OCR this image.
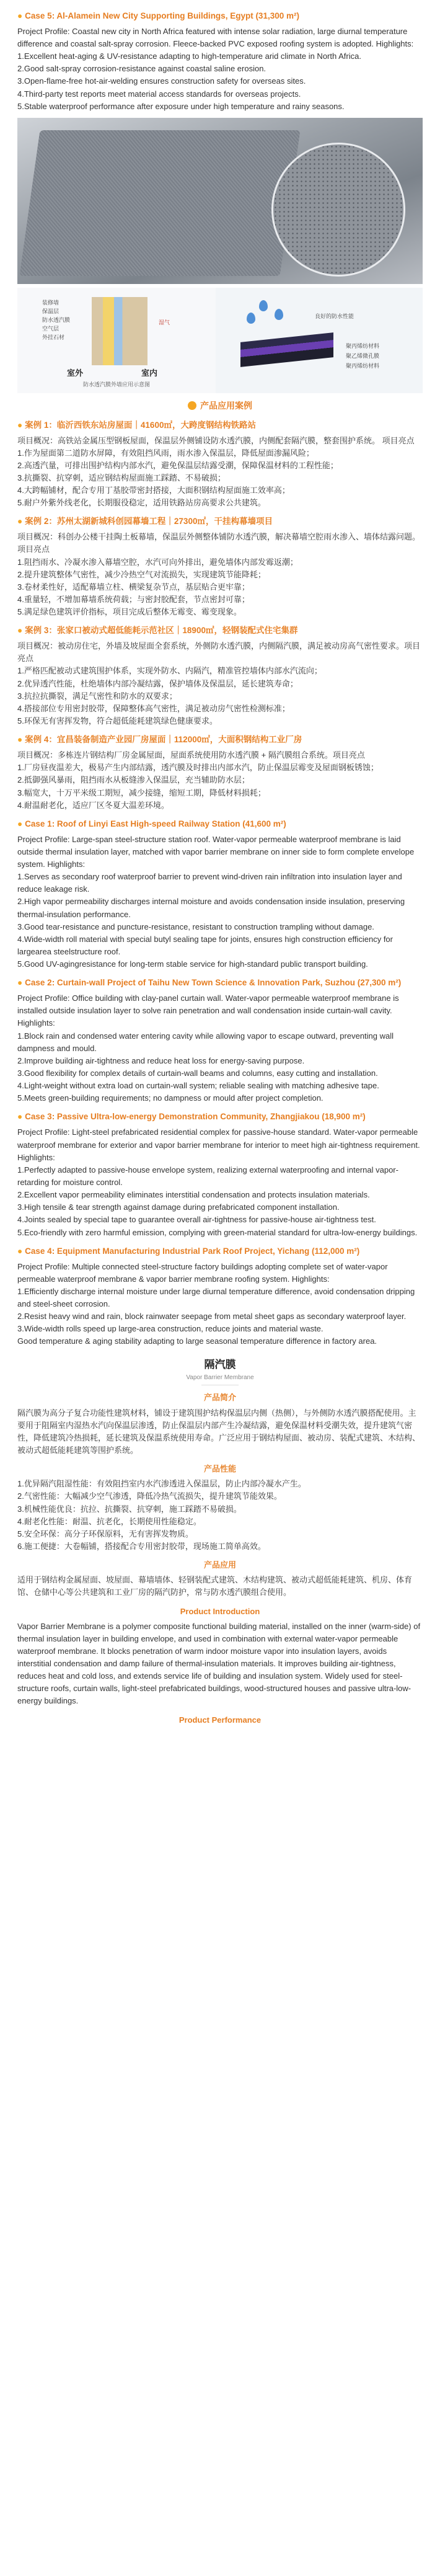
● Case 5: Al-Alamein New City Supporting Buildings, Egypt (31,300 m²)

Project Profile: Coastal new city in North Africa featured with intense solar radiation, large diurnal temperature difference and coastal salt-spray corrosion. Fleece-backed PVC exposed roofing system is adopted. Highlights:

1.Excellent heat-aging & UV-resistance adapting to high-temperature arid climate in North Africa.

2.Good salt-spray corrosion-resistance against coastal saline erosion.

3.Open-flame-free hot-air-welding ensures construction safety for overseas sites.

4.Third-party test reports meet material access standards for overseas projects.

5.Stable waterproof performance after exposure under high temperature and rainy seasons.

装修墙
保温层
防水透汽膜
空气层
外挂石材
湿气
室外	室内
防水透汽膜外墙应用示意图
良好的防水性能
聚丙烯纺材料
聚乙烯微孔膜
聚丙烯纺材料
产品应用案例
● 案例 1：临沂西铁东站房屋面｜41600㎡，大跨度钢结构铁路站

项目概况：高铁站金属压型钢板屋面，保温层外侧铺设防水透汽膜，内侧配套隔汽膜，整套围护系统。 项目亮点

1.作为屋面第二道防水屏障，有效阻挡风雨，雨水渗入保温层，降低屋面渗漏风险；

2.高透汽量，可排出围护结构内部水汽，避免保温层结露受潮，保障保温材料的工程性能；

3.抗撕裂、抗穿刺，适应钢结构屋面施工踩踏、不易破损；

4.大跨幅铺材，配合专用丁基胶带密封搭接，大面积钢结构屋面施工效率高；

5.耐户外紫外线老化，长期服役稳定，适用铁路站房高要求公共建筑。

● 案例 2：苏州太湖新城科创园幕墙工程｜27300㎡，干挂构幕墙项目

项目概况：科创办公楼干挂陶土板幕墙，保温层外侧整体铺防水透汽膜，解决幕墙空腔雨水渗入、墙体结露问题。 项目亮点

1.阻挡雨水、冷凝水渗入幕墙空腔，水汽可向外排出，避免墙体内部发霉返潮；

2.提升建筑整体气密性，减少冷热空气对流损失，实现建筑节能降耗；

3.卷材柔性好，适配幕墙立柱、横梁复杂节点，基层贴合更牢靠；

4.重量轻，不增加幕墙系统荷载；与密封胶配套，节点密封可靠；

5.满足绿色建筑评价指标，项目完成后整体无霉变、霉变现象。

● 案例 3：张家口被动式超低能耗示范社区｜18900㎡，轻钢装配式住宅集群

项目概况：被动房住宅，外墙及坡屋面全套系统，外侧防水透汽膜，内侧隔汽膜，满足被动房高气密性要求。项目亮点

1.严格匹配被动式建筑围护体系，实现外防水、内隔汽，精准管控墙体内部水汽流向；

2.优异透汽性能，杜绝墙体内部冷凝结露，保护墙体及保温层，延长建筑寿命；

3.抗拉抗撕裂，满足气密性和防水的双要求；

4.搭接部位专用密封胶带，保障整体高气密性，满足被动房气密性检测标准；

5.环保无有害挥发物，符合超低能耗建筑绿色健康要求。

● 案例 4：宜昌装备制造产业园厂房屋面｜112000㎡，大面积钢结构工业厂房

项目概况：多栋连片钢结构厂房金属屋面，屋面系统使用防水透汽膜 + 隔汽膜组合系统。项目亮点

1.厂房昼夜温差大，极易产生内部结露，透汽膜及时排出内部水汽，防止保温层霉变及屋面钢板锈蚀；

2.抵御强风暴雨，阻挡雨水从板缝渗入保温层，充当辅助防水层；

3.幅宽大，十万平米级工期短，减少接缝，缩短工期，降低材料损耗；

4.耐温耐老化，适应厂区冬夏大温差环境。

● Case 1: Roof of Linyi East High-speed Railway Station (41,600 m²)

Project Profile: Large-span steel-structure station roof. Water-vapor permeable waterproof membrane is laid outside thermal insulation layer, matched with vapor barrier membrane on inner side to form complete envelope system. Highlights:

1.Serves as secondary roof waterproof barrier to prevent wind-driven rain infiltration into insulation layer and reduce leakage risk.

2.High vapor permeability discharges internal moisture and avoids condensation inside insulation, preserving thermal-insulation performance.

3.Good tear-resistance and puncture-resistance, resistant to construction trampling without damage.

4.Wide-width roll material with special butyl sealing tape for joints, ensures high construction efficiency for largearea steelstructure roof.

5.Good UV-agingresistance for long-term stable service for high-standard public transport building.

● Case 2: Curtain-wall Project of Taihu New Town Science & Innovation Park, Suzhou (27,300 m²)

Project Profile: Office building with clay-panel curtain wall. Water-vapor permeable waterproof membrane is installed outside insulation layer to solve rain penetration and wall condensation inside curtain-wall cavity. Highlights:

1.Block rain and condensed water entering cavity while allowing vapor to escape outward, preventing wall dampness and mould.

2.Improve building air-tightness and reduce heat loss for energy-saving purpose.

3.Good flexibility for complex details of curtain-wall beams and columns, easy cutting and installation.

4.Light-weight without extra load on curtain-wall system; reliable sealing with matching adhesive tape.

5.Meets green-building requirements; no dampness or mould after project completion.

● Case 3: Passive Ultra-low-energy Demonstration Community, Zhangjiakou (18,900 m²)

Project Profile: Light-steel prefabricated residential complex for passive-house standard. Water-vapor permeable waterproof membrane for exterior and vapor barrier membrane for interior to meet high air-tightness requirement. Highlights:

1.Perfectly adapted to passive-house envelope system, realizing external waterproofing and internal vapor-retarding for moisture control.

2.Excellent vapor permeability eliminates interstitial condensation and protects insulation materials.

3.High tensile & tear strength against damage during prefabricated component installation.

4.Joints sealed by special tape to guarantee overall air-tightness for passive-house air-tightness test.

5.Eco-friendly with zero harmful emission, complying with green-material standard for ultra-low-energy buildings.

● Case 4: Equipment Manufacturing Industrial Park Roof Project, Yichang (112,000 m²)

Project Profile: Multiple connected steel-structure factory buildings adopting complete set of water-vapor permeable waterproof membrane & vapor barrier membrane roofing system. Highlights:

1.Efficiently discharge internal moisture under large diurnal temperature difference, avoid condensation dripping and steel-sheet corrosion.

2.Resist heavy wind and rain, block rainwater seepage from metal sheet gaps as secondary waterproof layer.

3.Wide-width rolls speed up large-area construction, reduce joints and material waste.

Good temperature & aging stability adapting to large seasonal temperature difference in factory area.

隔汽膜
Vapor Barrier Membrane
产品简介

隔汽膜为高分子复合功能性建筑材料，铺设于建筑围护结构保温层内侧（热侧），与外侧防水透汽膜搭配使用。主要用于阻隔室内湿热水汽向保温层渗透，防止保温层内部产生冷凝结露，避免保温材料受潮失效，提升建筑气密性，降低建筑冷热损耗，延长建筑及保温系统使用寿命。广泛应用于钢结构屋面、被动房、装配式建筑、木结构、被动式超低能耗建筑等围护系统。

产品性能

1.优异隔汽阻湿性能：有效阻挡室内水汽渗透进入保温层，防止内部冷凝水产生。

2.气密性能：大幅减少空气渗透，降低冷热气流损失，提升建筑节能效果。

3.机械性能优良：抗拉、抗撕裂、抗穿刺，施工踩踏不易破损。

4.耐老化性能：耐温、抗老化，长期使用性能稳定。

5.安全环保：高分子环保原料，无有害挥发物质。

6.施工便捷：大卷幅铺，搭接配合专用密封胶带，现场施工简单高效。

产品应用

适用于钢结构金属屋面、坡屋面、幕墙墙体、轻钢装配式建筑、木结构建筑、被动式超低能耗建筑、机房、体育馆、仓储中心等公共建筑和工业厂房的隔汽防护，常与防水透汽膜组合使用。

Product Introduction

Vapor Barrier Membrane is a polymer composite functional building material, installed on the inner (warm-side) of thermal insulation layer in building envelope, and used in combination with external water-vapor permeable waterproof membrane. It blocks penetration of warm indoor moisture vapor into insulation layers, avoids interstitial condensation and damp failure of thermal-insulation materials. It improves building air-tightness, reduces heat and cold loss, and extends service life of building and insulation system. Widely used for steel-structure roofs, curtain walls, light-steel prefabricated buildings, wood-structured houses and passive ultra-low-energy buildings.

Product Performance
